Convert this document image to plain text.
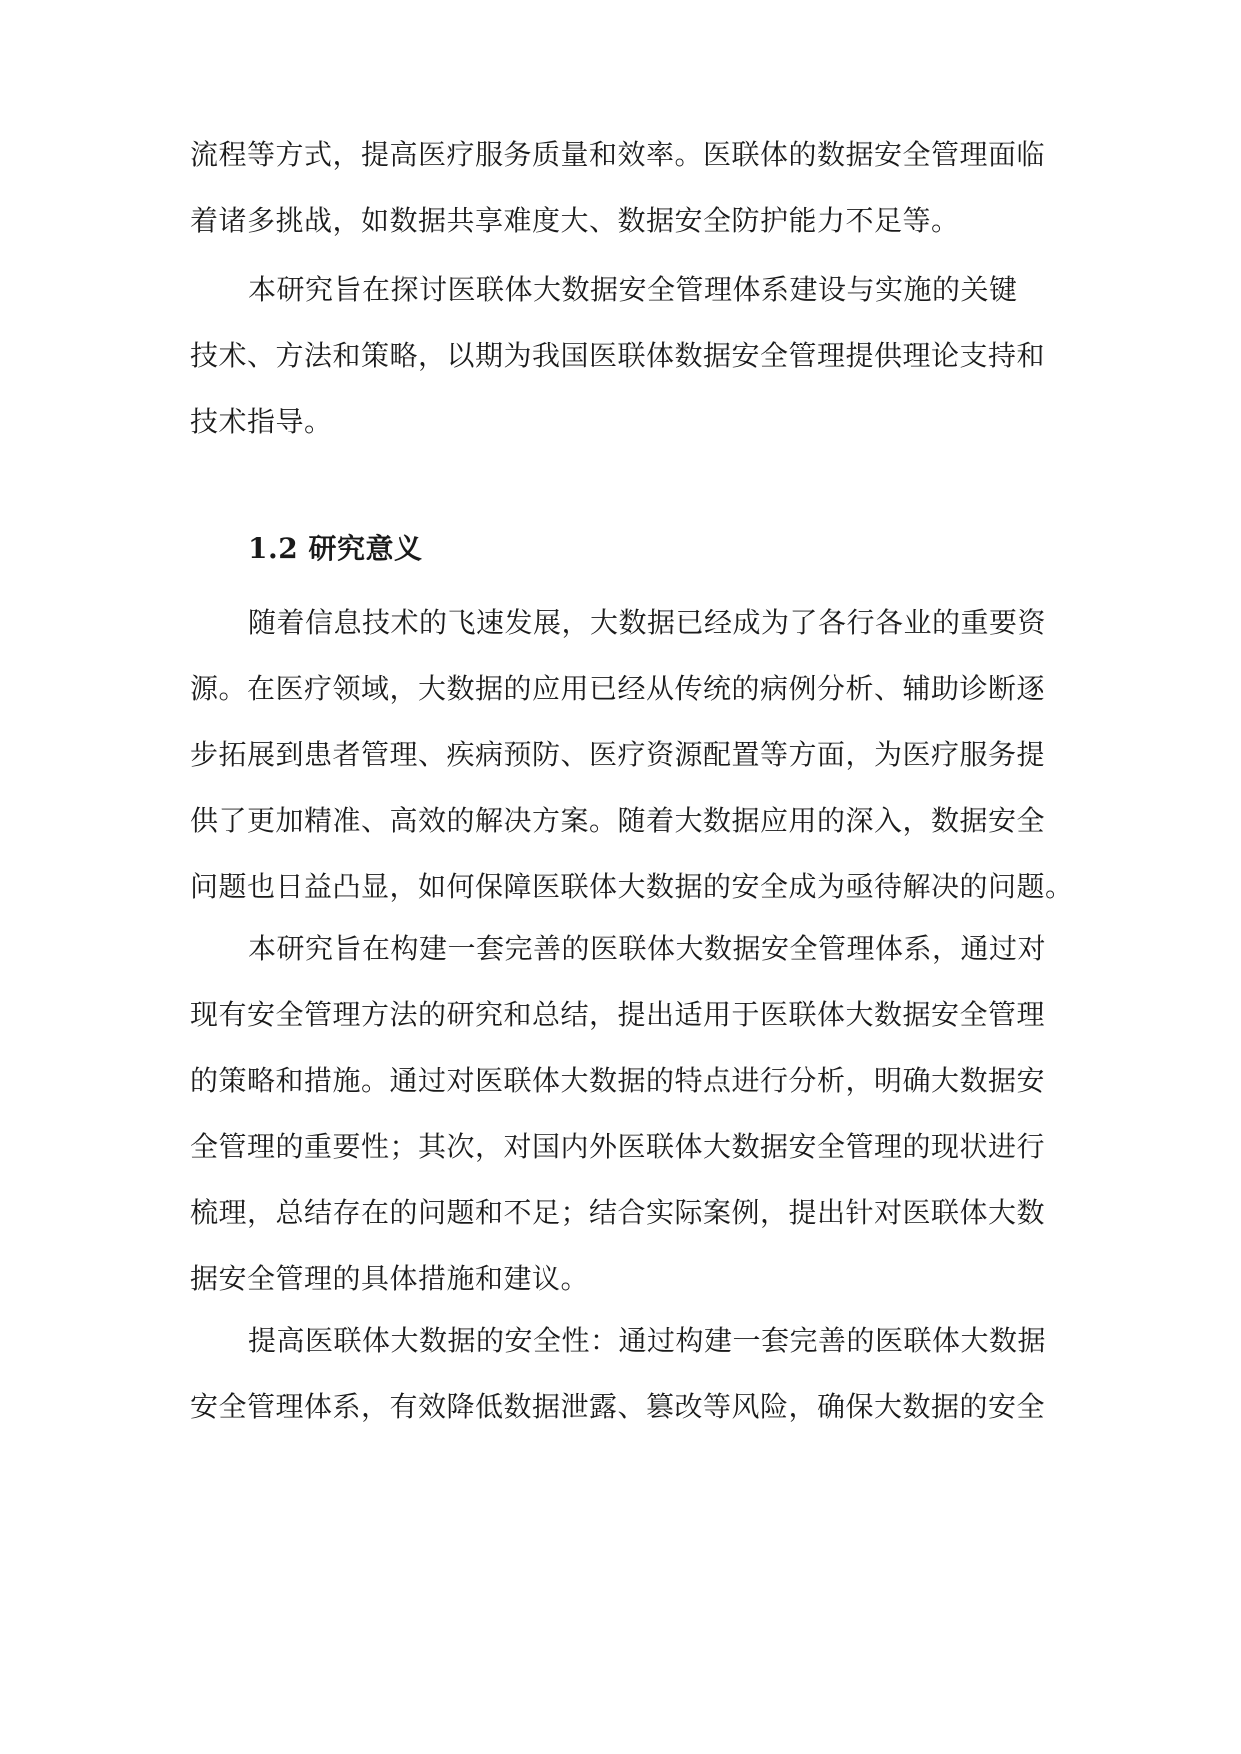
流程等方式，提高医疗服务质量和效率。医联体的数据安全管理面临
着诸多挑战，如数据共享难度大、数据安全防护能力不足等。
本研究旨在探讨医联体大数据安全管理体系建设与实施的关键
技术、方法和策略，以期为我国医联体数据安全管理提供理论支持和
技术指导。
1.2 研究意义
随着信息技术的飞速发展，大数据已经成为了各行各业的重要资
源。在医疗领域，大数据的应用已经从传统的病例分析、辅助诊断逐
步拓展到患者管理、疾病预防、医疗资源配置等方面，为医疗服务提
供了更加精准、高效的解决方案。随着大数据应用的深入，数据安全
问题也日益凸显，如何保障医联体大数据的安全成为亟待解决的问题。
本研究旨在构建一套完善的医联体大数据安全管理体系，通过对
现有安全管理方法的研究和总结，提出适用于医联体大数据安全管理
的策略和措施。通过对医联体大数据的特点进行分析，明确大数据安
全管理的重要性；其次，对国内外医联体大数据安全管理的现状进行
梳理，总结存在的问题和不足；结合实际案例，提出针对医联体大数
据安全管理的具体措施和建议。
提高医联体大数据的安全性：通过构建一套完善的医联体大数据
安全管理体系，有效降低数据泄露、篡改等风险，确保大数据的安全
